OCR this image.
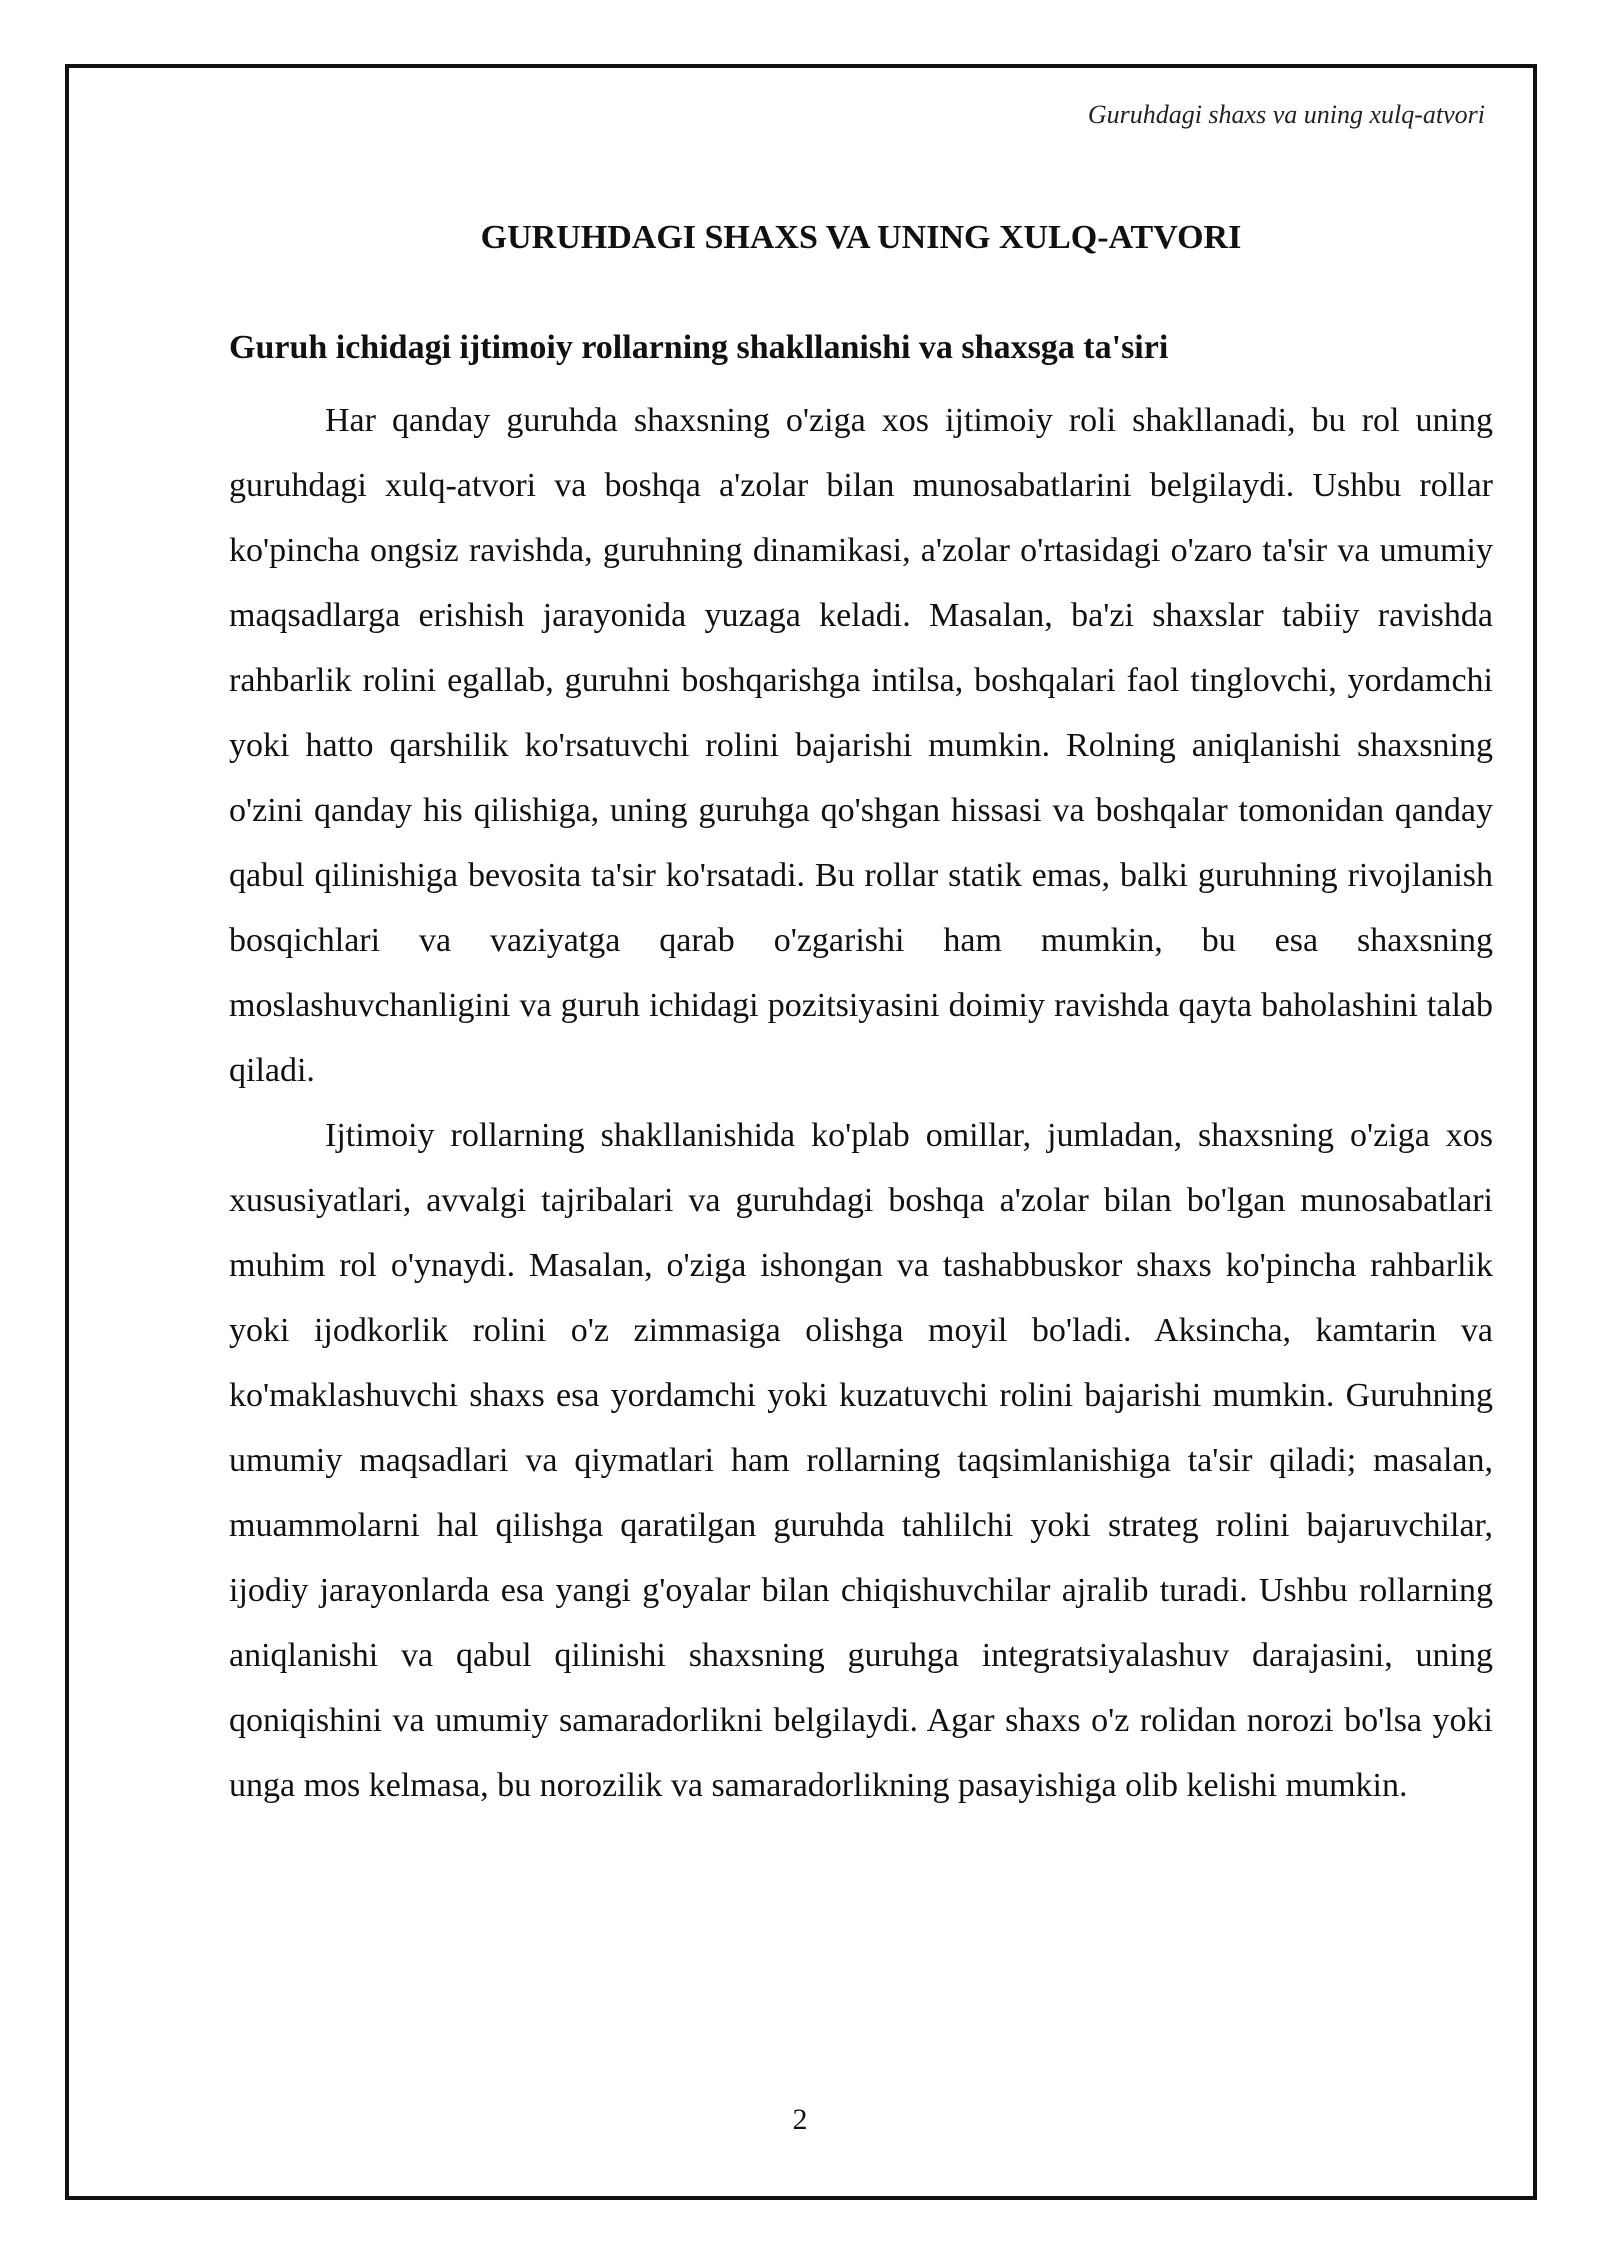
Guruhdagi shaxs va uning xulq-atvori
GURUHDAGI SHAXS VA UNING XULQ-ATVORI
Guruh ichidagi ijtimoiy rollarning shakllanishi va shaxsga ta'siri

Har qanday guruhda shaxsning o'ziga xos ijtimoiy roli shakllanadi, bu rol uning guruhdagi xulq-atvori va boshqa a'zolar bilan munosabatlarini belgilaydi. Ushbu rollar ko'pincha ongsiz ravishda, guruhning dinamikasi, a'zolar o'rtasidagi o'zaro ta'sir va umumiy maqsadlarga erishish jarayonida yuzaga keladi. Masalan, ba'zi shaxslar tabiiy ravishda rahbarlik rolini egallab, guruhni boshqarishga intilsa, boshqalari faol tinglovchi, yordamchi yoki hatto qarshilik ko'rsatuvchi rolini bajarishi mumkin. Rolning aniqlanishi shaxsning o'zini qanday his qilishiga, uning guruhga qo'shgan hissasi va boshqalar tomonidan qanday qabul qilinishiga bevosita ta'sir ko'rsatadi. Bu rollar statik emas, balki guruhning rivojlanish bosqichlari va vaziyatga qarab o'zgarishi ham mumkin, bu esa shaxsning moslashuvchanligini va guruh ichidagi pozitsiyasini doimiy ravishda qayta baholashini talab qiladi.

Ijtimoiy rollarning shakllanishida ko'plab omillar, jumladan, shaxsning o'ziga xos xususiyatlari, avvalgi tajribalari va guruhdagi boshqa a'zolar bilan bo'lgan munosabatlari muhim rol o'ynaydi. Masalan, o'ziga ishongan va tashabbuskor shaxs ko'pincha rahbarlik yoki ijodkorlik rolini o'z zimmasiga olishga moyil bo'ladi. Aksincha, kamtarin va ko'maklashuvchi shaxs esa yordamchi yoki kuzatuvchi rolini bajarishi mumkin. Guruhning umumiy maqsadlari va qiymatlari ham rollarning taqsimlanishiga ta'sir qiladi; masalan, muammolarni hal qilishga qaratilgan guruhda tahlilchi yoki strateg rolini bajaruvchilar, ijodiy jarayonlarda esa yangi g'oyalar bilan chiqishuvchilar ajralib turadi. Ushbu rollarning aniqlanishi va qabul qilinishi shaxsning guruhga integratsiyalashuv darajasini, uning qoniqishini va umumiy samaradorlikni belgilaydi. Agar shaxs o'z rolidan norozi bo'lsa yoki unga mos kelmasa, bu norozilik va samaradorlikning pasayishiga olib kelishi mumkin.

2
